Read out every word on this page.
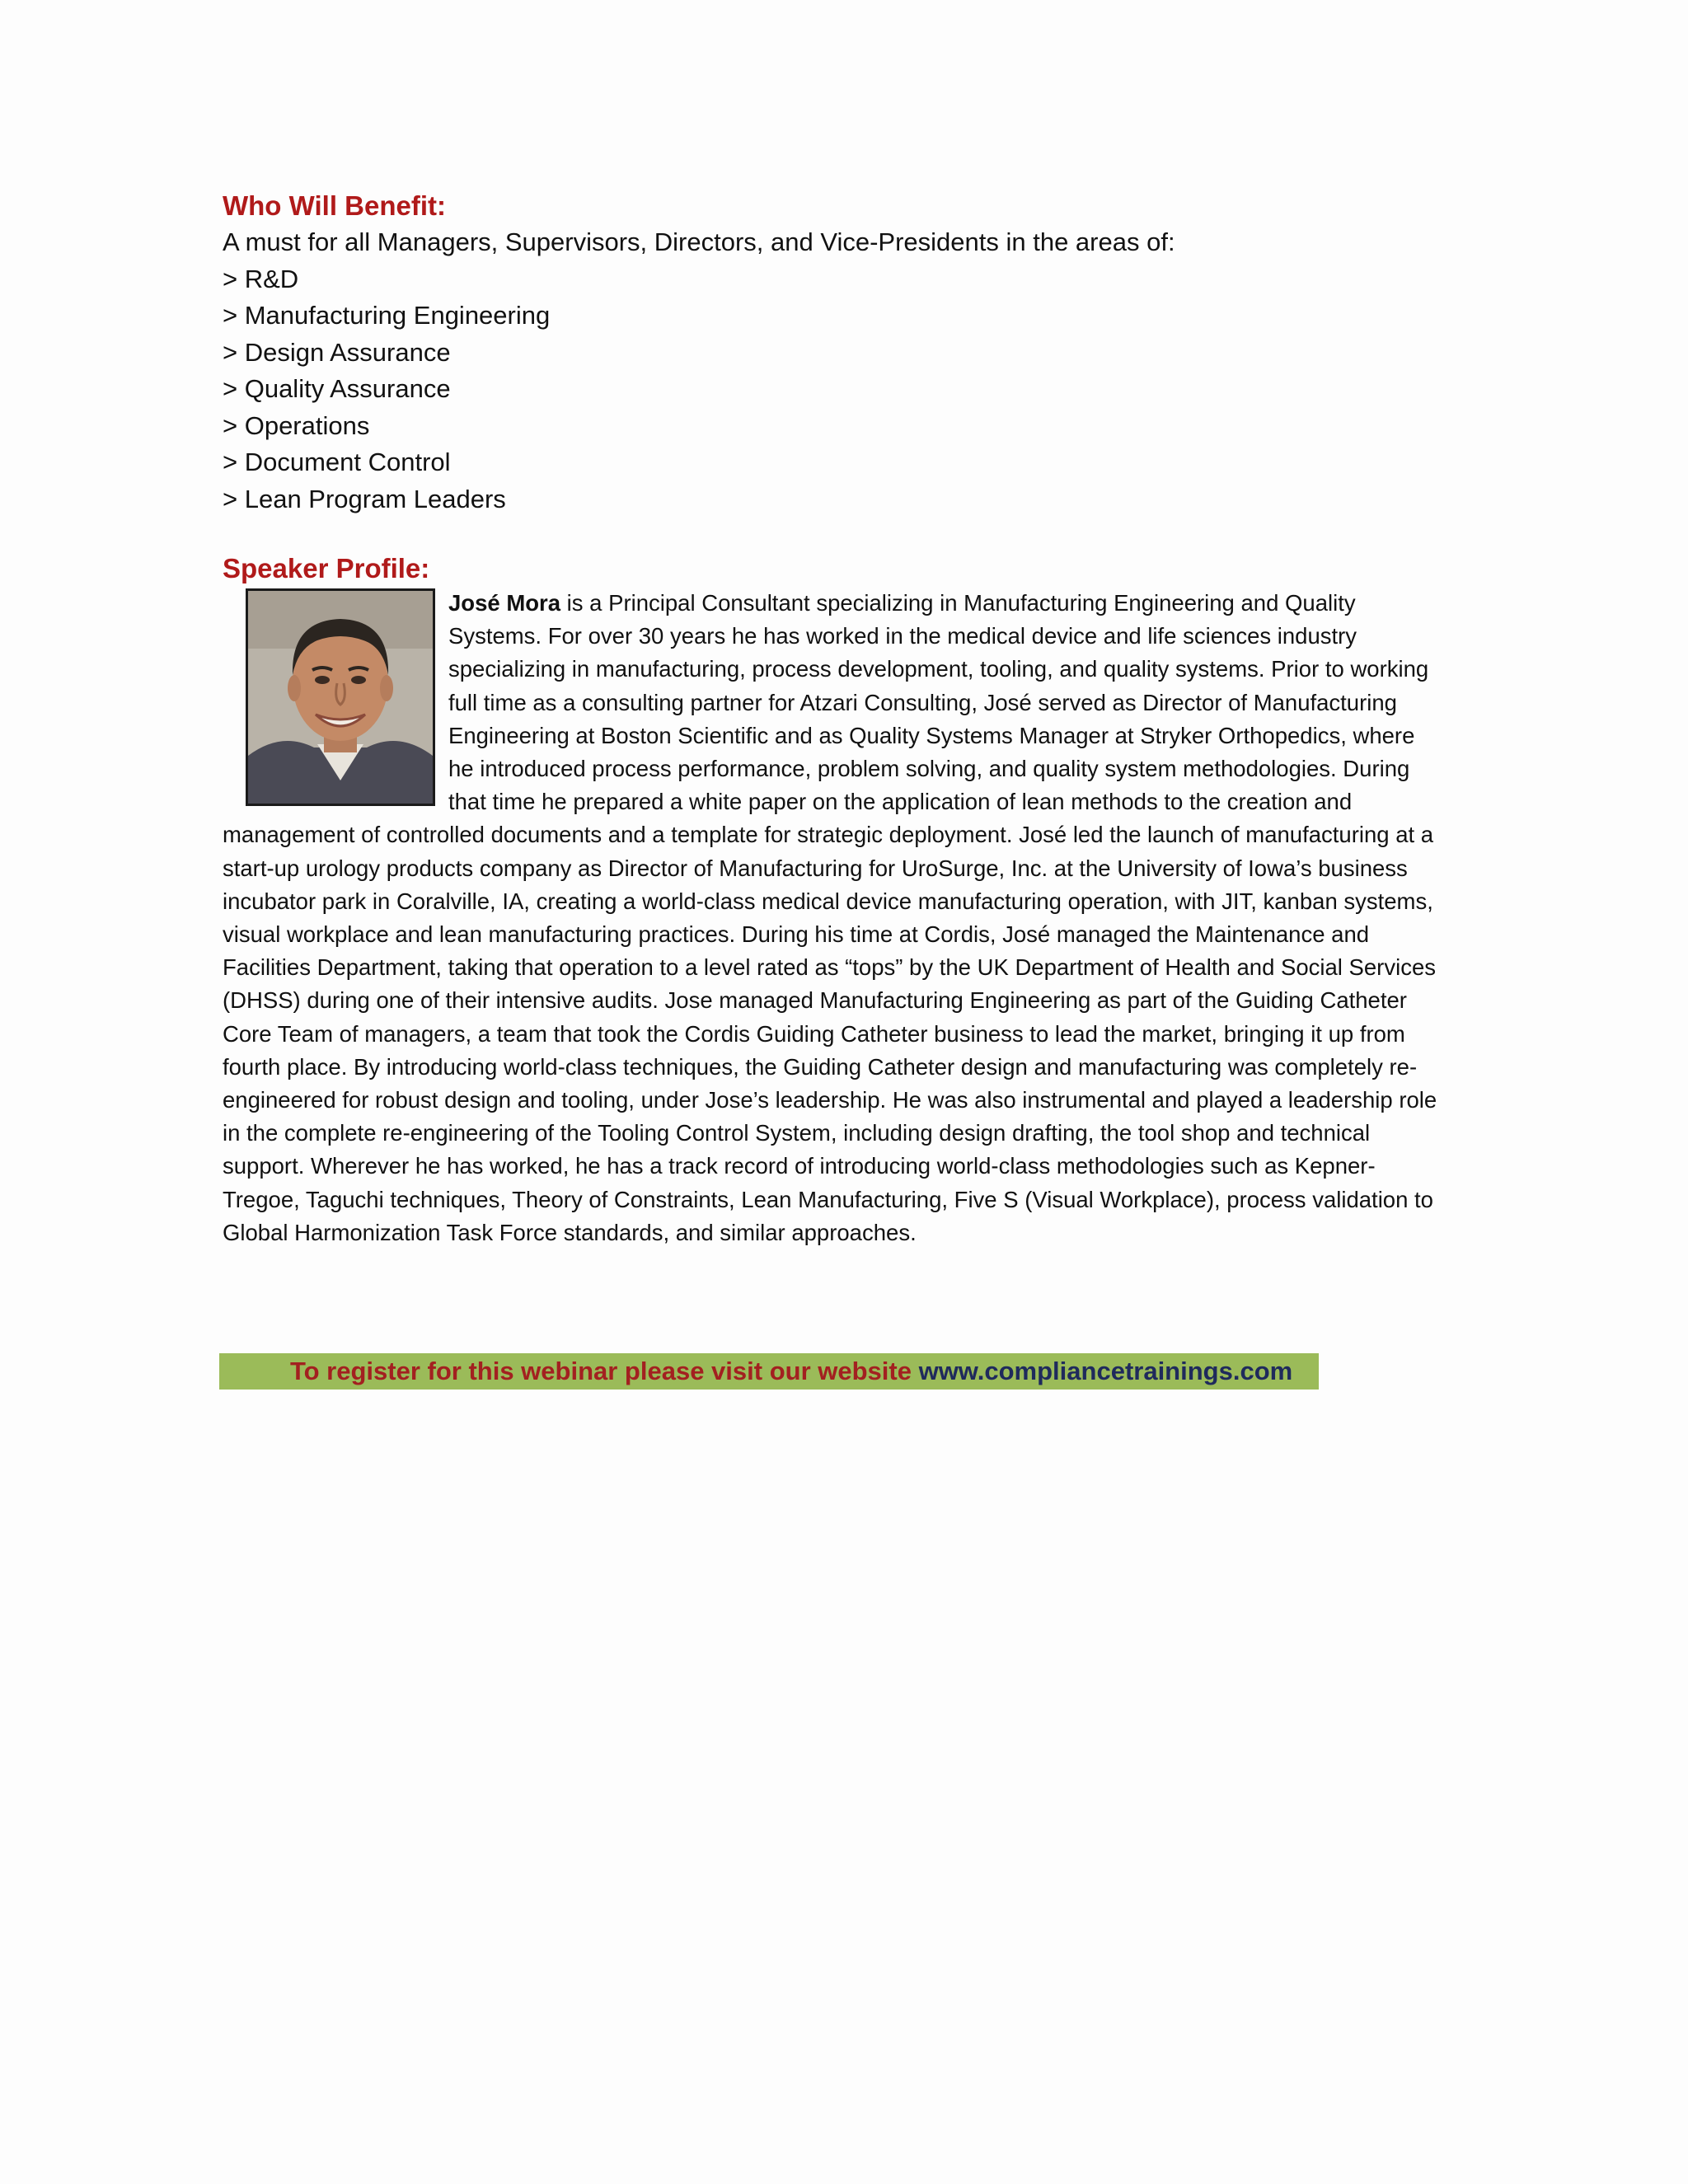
Who Will Benefit:

A must for all Managers, Supervisors, Directors, and Vice-Presidents in the areas of:

> R&D
> Manufacturing Engineering
> Design Assurance
> Quality Assurance
> Operations
> Document Control
> Lean Program Leaders
Speaker Profile:

José Mora is a Principal Consultant specializing in Manufacturing Engineering and Quality Systems. For over 30 years he has worked in the medical device and life sciences industry specializing in manufacturing, process development, tooling, and quality systems. Prior to working full time as a consulting partner for Atzari Consulting, José served as Director of Manufacturing Engineering at Boston Scientific and as Quality Systems Manager at Stryker Orthopedics, where he introduced process performance, problem solving, and quality system methodologies. During that time he prepared a white paper on the application of lean methods to the creation and management of controlled documents and a template for strategic deployment. José led the launch of manufacturing at a start-up urology products company as Director of Manufacturing for UroSurge, Inc. at the University of Iowa’s business incubator park in Coralville, IA, creating a world-class medical device manufacturing operation, with JIT, kanban systems, visual workplace and lean manufacturing practices. During his time at Cordis, José managed the Maintenance and Facilities Department, taking that operation to a level rated as “tops” by the UK Department of Health and Social Services (DHSS) during one of their intensive audits. Jose managed Manufacturing Engineering as part of the Guiding Catheter Core Team of managers, a team that took the Cordis Guiding Catheter business to lead the market, bringing it up from fourth place. By introducing world-class techniques, the Guiding Catheter design and manufacturing was completely re-engineered for robust design and tooling, under Jose’s leadership. He was also instrumental and played a leadership role in the complete re-engineering of the Tooling Control System, including design drafting, the tool shop and technical support. Wherever he has worked, he has a track record of introducing world-class methodologies such as Kepner-Tregoe, Taguchi techniques, Theory of Constraints, Lean Manufacturing, Five S (Visual Workplace), process validation to Global Harmonization Task Force standards, and similar approaches.

To register for this webinar please visit our website www.compliancetrainings.com
